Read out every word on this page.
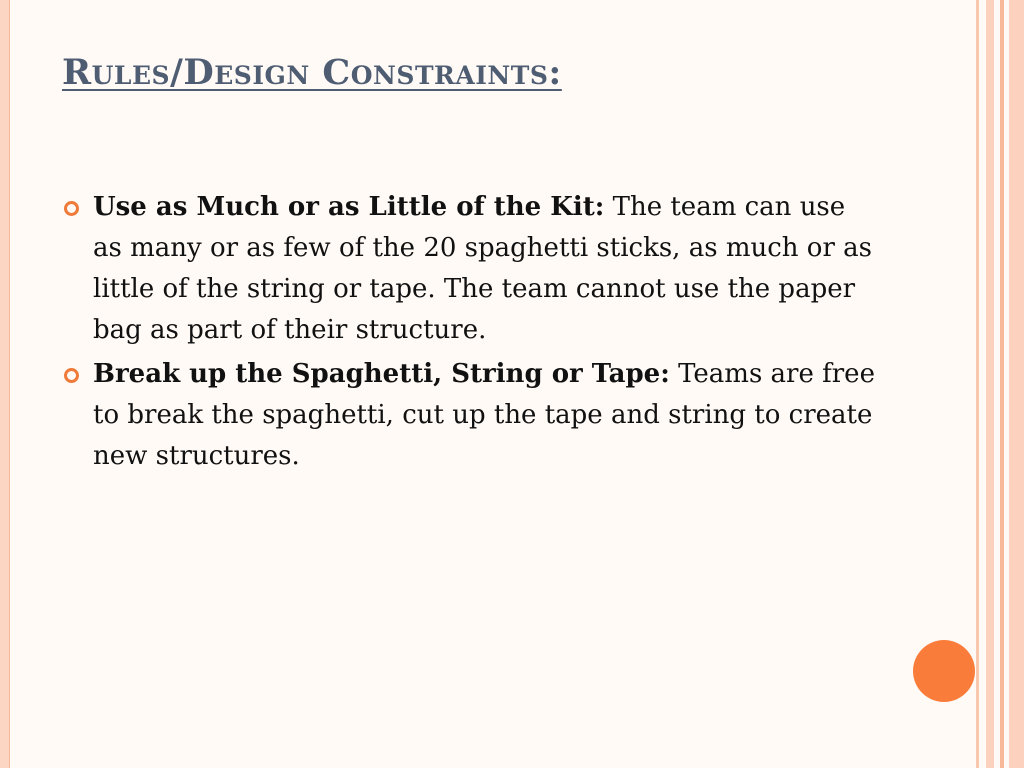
Rules/Design Constraints:
Use as Much or as Little of the Kit: The team can use as many or as few of the 20 spaghetti sticks, as much or as little of the string or tape. The team cannot use the paper bag as part of their structure.
Break up the Spaghetti, String or Tape: Teams are free to break the spaghetti, cut up the tape and string to create new structures.
